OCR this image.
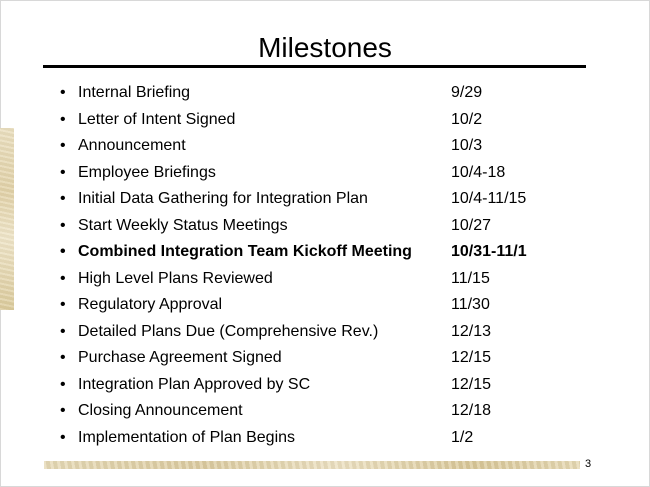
Milestones
• Internal Briefing	9/29
• Letter of Intent Signed	10/2
• Announcement	10/3
• Employee Briefings	10/4-18
• Initial Data Gathering for Integration Plan	10/4-11/15
• Start Weekly Status Meetings	10/27
• Combined Integration Team Kickoff Meeting 10/31-11/1
• High Level Plans Reviewed	11/15
• Regulatory Approval	11/30
• Detailed Plans Due (Comprehensive Rev.)	12/13
• Purchase Agreement Signed	12/15
• Integration Plan Approved by SC	12/15
• Closing Announcement	12/18
• Implementation of Plan Begins	1/2
3
